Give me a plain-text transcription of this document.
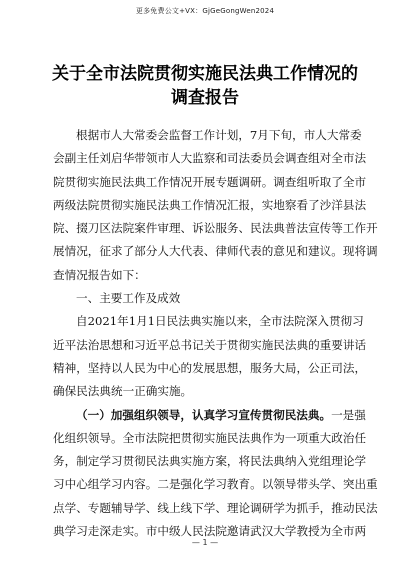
更多免费公文+VX：GjGeGongWen2024
关于全市法院贯彻实施民法典工作情况的
调查报告
根据市人大常委会监督工作计划，7月下旬，市人大常委
会副主任刘启华带领市人大监察和司法委员会调查组对全市法
院贯彻实施民法典工作情况开展专题调研。调查组听取了全市
两级法院贯彻实施民法典工作情况汇报，实地察看了沙洋县法
院、掇刀区法院案件审理、诉讼服务、民法典普法宣传等工作开
展情况，征求了部分人大代表、律师代表的意见和建议。现将调
查情况报告如下：
一、主要工作及成效
自2021年1月1日民法典实施以来，全市法院深入贯彻习
近平法治思想和习近平总书记关于贯彻实施民法典的重要讲话
精神，坚持以人民为中心的发展思想，服务大局，公正司法，
确保民法典统一正确实施。
（一）加强组织领导，认真学习宣传贯彻民法典。一是强
化组织领导。全市法院把贯彻实施民法典作为一项重大政治任
务，制定学习贯彻民法典实施方案，将民法典纳入党组理论学
习中心组学习内容。二是强化学习教育。以领导带头学、突出重
点学、专题辅导学、线上线下学、理论调研学为抓手，推动民法
典学习走深走实。市中级人民法院邀请武汉大学教授为全市两
— 1 —
